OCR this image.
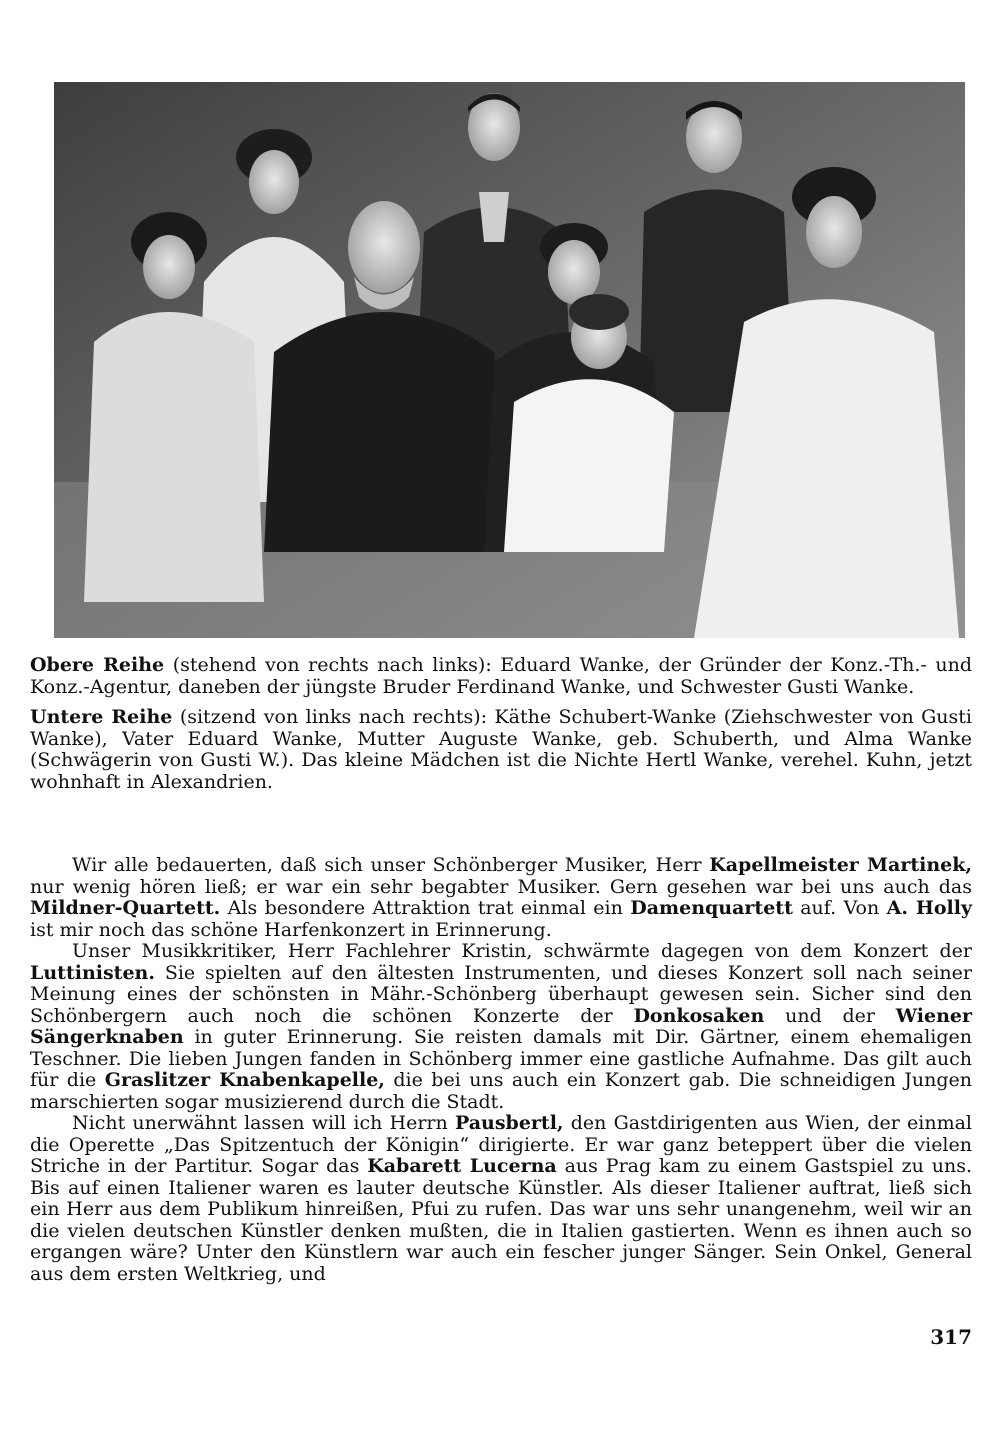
Obere Reihe (stehend von rechts nach links): Eduard Wanke, der Gründer der Konz.-Th.- und Konz.-Agentur, daneben der jüngste Bruder Ferdinand Wanke, und Schwester Gusti Wanke.

Untere Reihe (sitzend von links nach rechts): Käthe Schubert-Wanke (Ziehschwester von Gusti Wanke), Vater Eduard Wanke, Mutter Auguste Wanke, geb. Schuberth, und Alma Wanke (Schwägerin von Gusti W.). Das kleine Mädchen ist die Nichte Hertl Wanke, verehel. Kuhn, jetzt wohnhaft in Alexandrien.

Wir alle bedauerten, daß sich unser Schönberger Musiker, Herr Kapellmeister Martinek, nur wenig hören ließ; er war ein sehr begabter Musiker. Gern gesehen war bei uns auch das Mildner-Quartett. Als besondere Attraktion trat einmal ein Damenquartett auf. Von A. Holly ist mir noch das schöne Harfenkonzert in Erinnerung.

Unser Musikkritiker, Herr Fachlehrer Kristin, schwärmte dagegen von dem Konzert der Luttinisten. Sie spielten auf den ältesten Instrumenten, und dieses Konzert soll nach seiner Meinung eines der schönsten in Mähr.-Schönberg überhaupt gewesen sein. Sicher sind den Schönbergern auch noch die schönen Konzerte der Donkosaken und der Wiener Sängerknaben in guter Erinnerung. Sie reisten damals mit Dir. Gärtner, einem ehemaligen Teschner. Die lieben Jungen fanden in Schönberg immer eine gastliche Aufnahme. Das gilt auch für die Graslitzer Knabenkapelle, die bei uns auch ein Konzert gab. Die schneidigen Jungen marschierten sogar musizierend durch die Stadt.

Nicht unerwähnt lassen will ich Herrn Pausbertl, den Gastdirigenten aus Wien, der einmal die Operette „Das Spitzentuch der Königin“ dirigierte. Er war ganz beteppert über die vielen Striche in der Partitur. Sogar das Kabarett Lucerna aus Prag kam zu einem Gastspiel zu uns. Bis auf einen Italiener waren es lauter deutsche Künstler. Als dieser Italiener auftrat, ließ sich ein Herr aus dem Publikum hinreißen, Pfui zu rufen. Das war uns sehr unangenehm, weil wir an die vielen deutschen Künstler denken mußten, die in Italien gastierten. Wenn es ihnen auch so ergangen wäre? Unter den Künstlern war auch ein fescher junger Sänger. Sein Onkel, General aus dem ersten Weltkrieg, und

317
